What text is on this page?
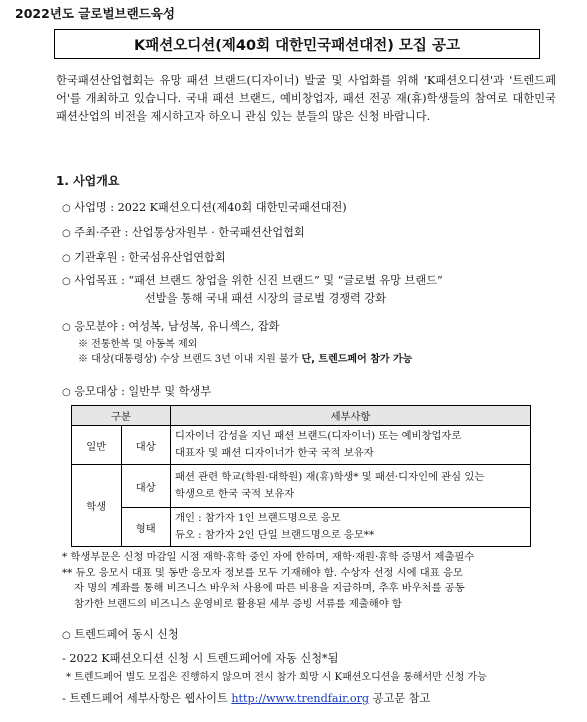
2022년도 글로벌브랜드육성
K패션오디션(제40회 대한민국패션대전) 모집 공고
한국패션산업협회는 유망 패션 브랜드(디자이너) 발굴 및 사업화를 위해 'K패션오디션'과 '트렌드페어'를 개최하고 있습니다. 국내 패션 브랜드, 예비창업자, 패션 전공 재(휴)학생들의 참여로 대한민국 패션산업의 비전을 제시하고자 하오니 관심 있는 분들의 많은 신청 바랍니다.
1. 사업개요
○ 사업명 : 2022 K패션오디션(제40회 대한민국패션대전)
○ 주최·주관 : 산업통상자원부 · 한국패션산업협회
○ 기관후원 : 한국섬유산업연합회
○ 사업목표 : “패션 브랜드 창업을 위한 신진 브랜드” 및 “글로벌 유망 브랜드”
선발을 통해 국내 패션 시장의 글로벌 경쟁력 강화
○ 응모분야 : 여성복, 남성복, 유니섹스, 잡화
※ 전통한복 및 아동복 제외
※ 대상(대통령상) 수상 브랜드 3년 이내 지원 불가 단, 트렌드페어 참가 가능
○ 응모대상 : 일반부 및 학생부
구분		세부사항
일반	대상	디자이너 감성을 지닌 패션 브랜드(디자이너) 또는 예비창업자로
대표자 및 패션 디자이너가 한국 국적 보유자

학생	대상	패션 관련 학교(학원·대학원) 재(휴)학생* 및 패션·디자인에 관심 있는
학생으로 한국 국적 보유자

	형태	개인 : 참가자 1인 브랜드명으로 응모
듀오 : 참가자 2인 단일 브랜드명으로 응모**
* 학생부문은 신청 마감일 시점 재학·휴학 중인 자에 한하며, 재학·재원·휴학 증명서 제출필수
** 듀오 응모시 대표 및 동반 응모자 정보를 모두 기재해야 함. 수상자 선정 시에 대표 응모
자 명의 계좌를 통해 비즈니스 바우처 사용에 따른 비용을 지급하며, 추후 바우처를 공동
참가한 브랜드의 비즈니스 운영비로 활용된 세부 증빙 서류를 제출해야 함
○ 트렌드페어 동시 신청
- 2022 K패션오디션 신청 시 트렌드페어에 자동 신청*됨
* 트렌드페어 별도 모집은 진행하지 않으며 전시 참가 희망 시 K패션오디션을 통해서만 신청 가능
- 트렌드페어 세부사항은 웹사이트 http://www.trendfair.org 공고문 참고
